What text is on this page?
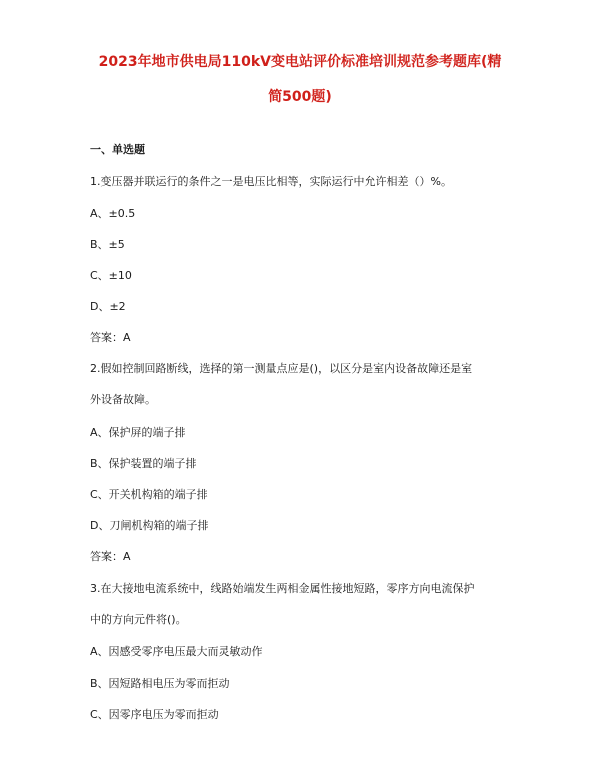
2023年地市供电局110kV变电站评价标准培训规范参考题库(精
简500题)

一、单选题

1.变压器并联运行的条件之一是电压比相等，实际运行中允许相差（）%。

A、±0.5

B、±5

C、±10

D、±2

答案：A

2.假如控制回路断线，选择的第一测量点应是()，以区分是室内设备故障还是室

外设备故障。

A、保护屏的端子排

B、保护装置的端子排

C、开关机构箱的端子排

D、刀闸机构箱的端子排

答案：A

3.在大接地电流系统中，线路始端发生两相金属性接地短路，零序方向电流保护

中的方向元件将()。

A、因感受零序电压最大而灵敏动作

B、因短路相电压为零而拒动

C、因零序电压为零而拒动
